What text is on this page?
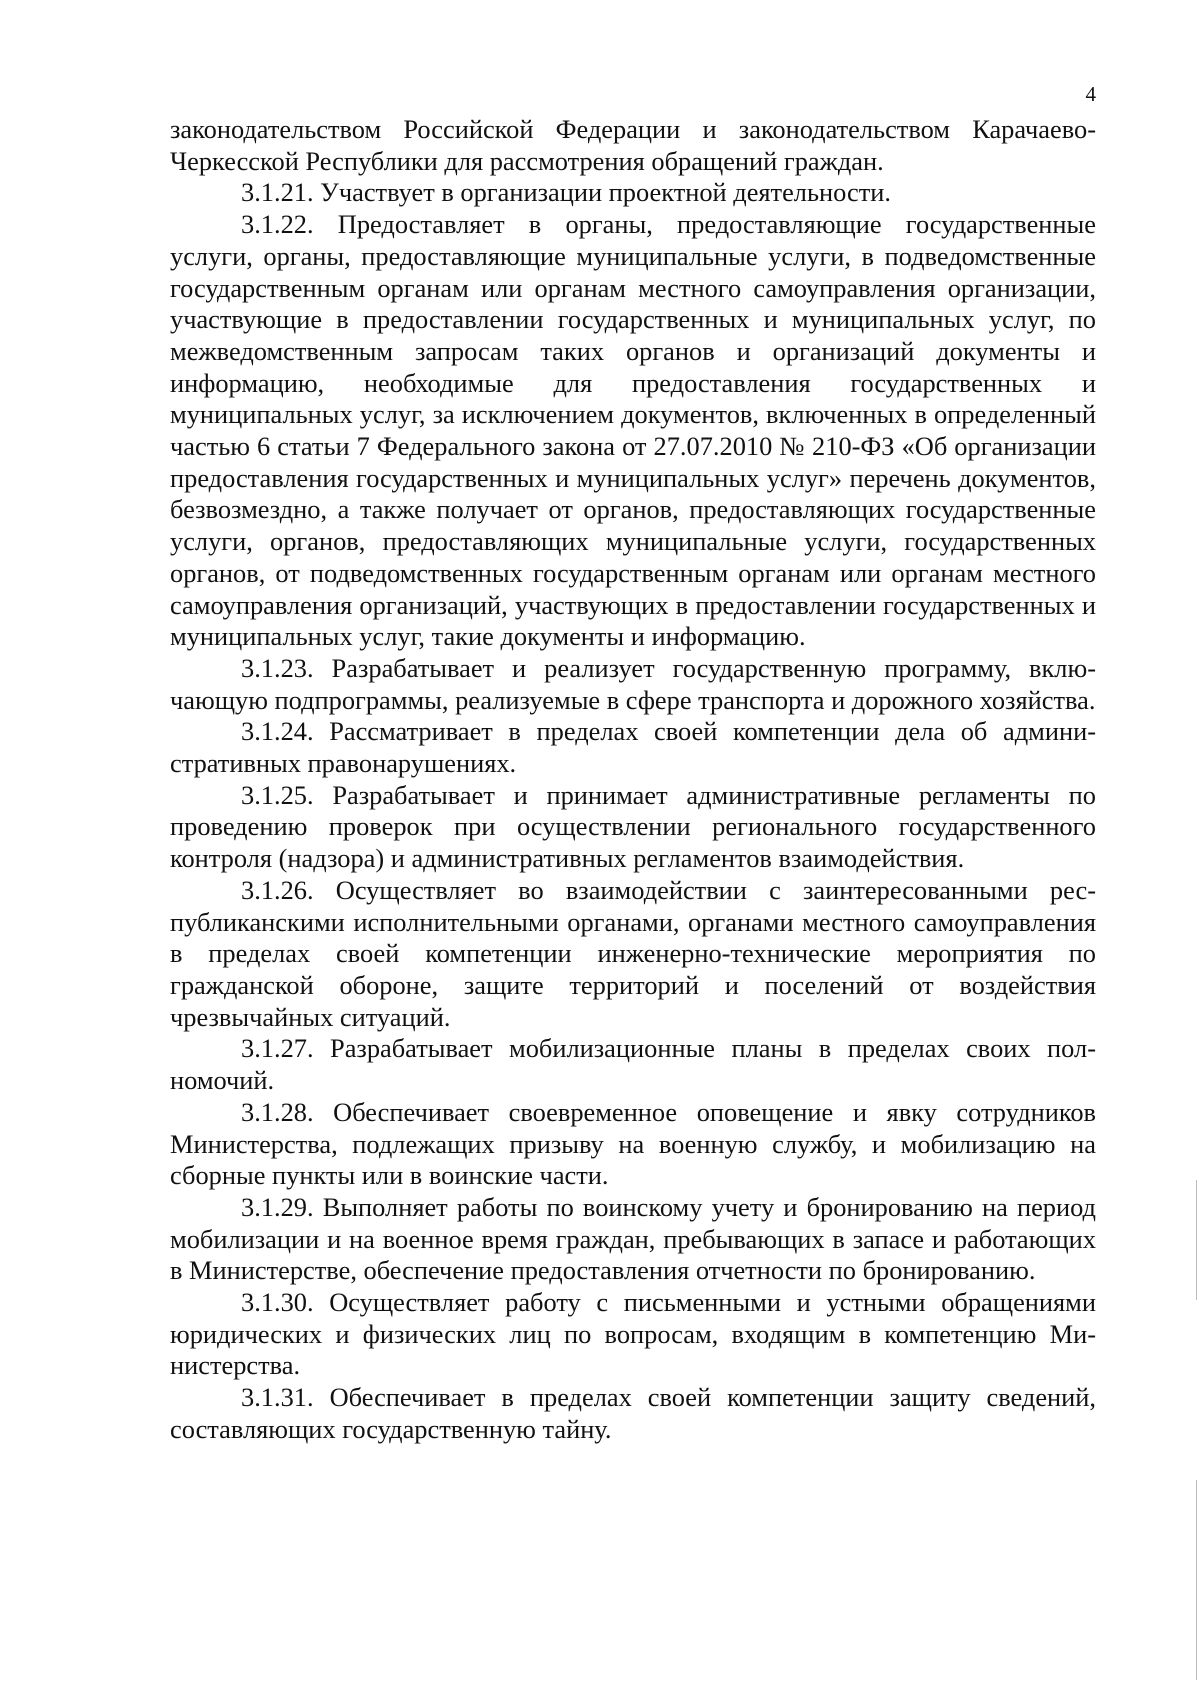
4

законодательством Российской Федерации и законодательством Карачаево-Черкесской Республики для рассмотрения обращений граждан.

3.1.21. Участвует в организации проектной деятельности.

3.1.22. Предоставляет в органы, предоставляющие государственные услуги, органы, предоставляющие муниципальные услуги, в подведомственные государственным органам или органам местного самоуправления организации, участвующие в предоставлении государственных и муниципальных услуг, по межведомственным запросам таких органов и организаций документы и информацию, необходимые для предоставления государственных и муниципальных услуг, за исключением документов, включенных в определенный частью 6 статьи 7 Федерального закона от 27.07.2010 № 210-ФЗ «Об организации предоставления государственных и муниципальных услуг» перечень документов, безвозмездно, а также получает от органов, предоставляющих государственные услуги, органов, предоставляющих муниципальные услуги, государственных органов, от подведомственных государственным органам или органам местного самоуправления организаций, участвующих в предоставлении государственных и муниципальных услуг, такие документы и информацию.

3.1.23. Разрабатывает и реализует государственную программу, включающую подпрограммы, реализуемые в сфере транспорта и дорожного хозяйства.

3.1.24. Рассматривает в пределах своей компетенции дела об административных правонарушениях.

3.1.25. Разрабатывает и принимает административные регламенты по проведению проверок при осуществлении регионального государственного контроля (надзора) и административных регламентов взаимодействия.

3.1.26. Осуществляет во взаимодействии с заинтересованными республиканскими исполнительными органами, органами местного самоуправления в пределах своей компетенции инженерно-технические мероприятия по гражданской обороне, защите территорий и поселений от воздействия чрезвычайных ситуаций.

3.1.27. Разрабатывает мобилизационные планы в пределах своих полномочий.

3.1.28. Обеспечивает своевременное оповещение и явку сотрудников Министерства, подлежащих призыву на военную службу, и мобилизацию на сборные пункты или в воинские части.

3.1.29. Выполняет работы по воинскому учету и бронированию на период мобилизации и на военное время граждан, пребывающих в запасе и работающих в Министерстве, обеспечение предоставления отчетности по бронированию.

3.1.30. Осуществляет работу с письменными и устными обращениями юридических и физических лиц по вопросам, входящим в компетенцию Министерства.

3.1.31. Обеспечивает в пределах своей компетенции защиту сведений, составляющих государственную тайну.
